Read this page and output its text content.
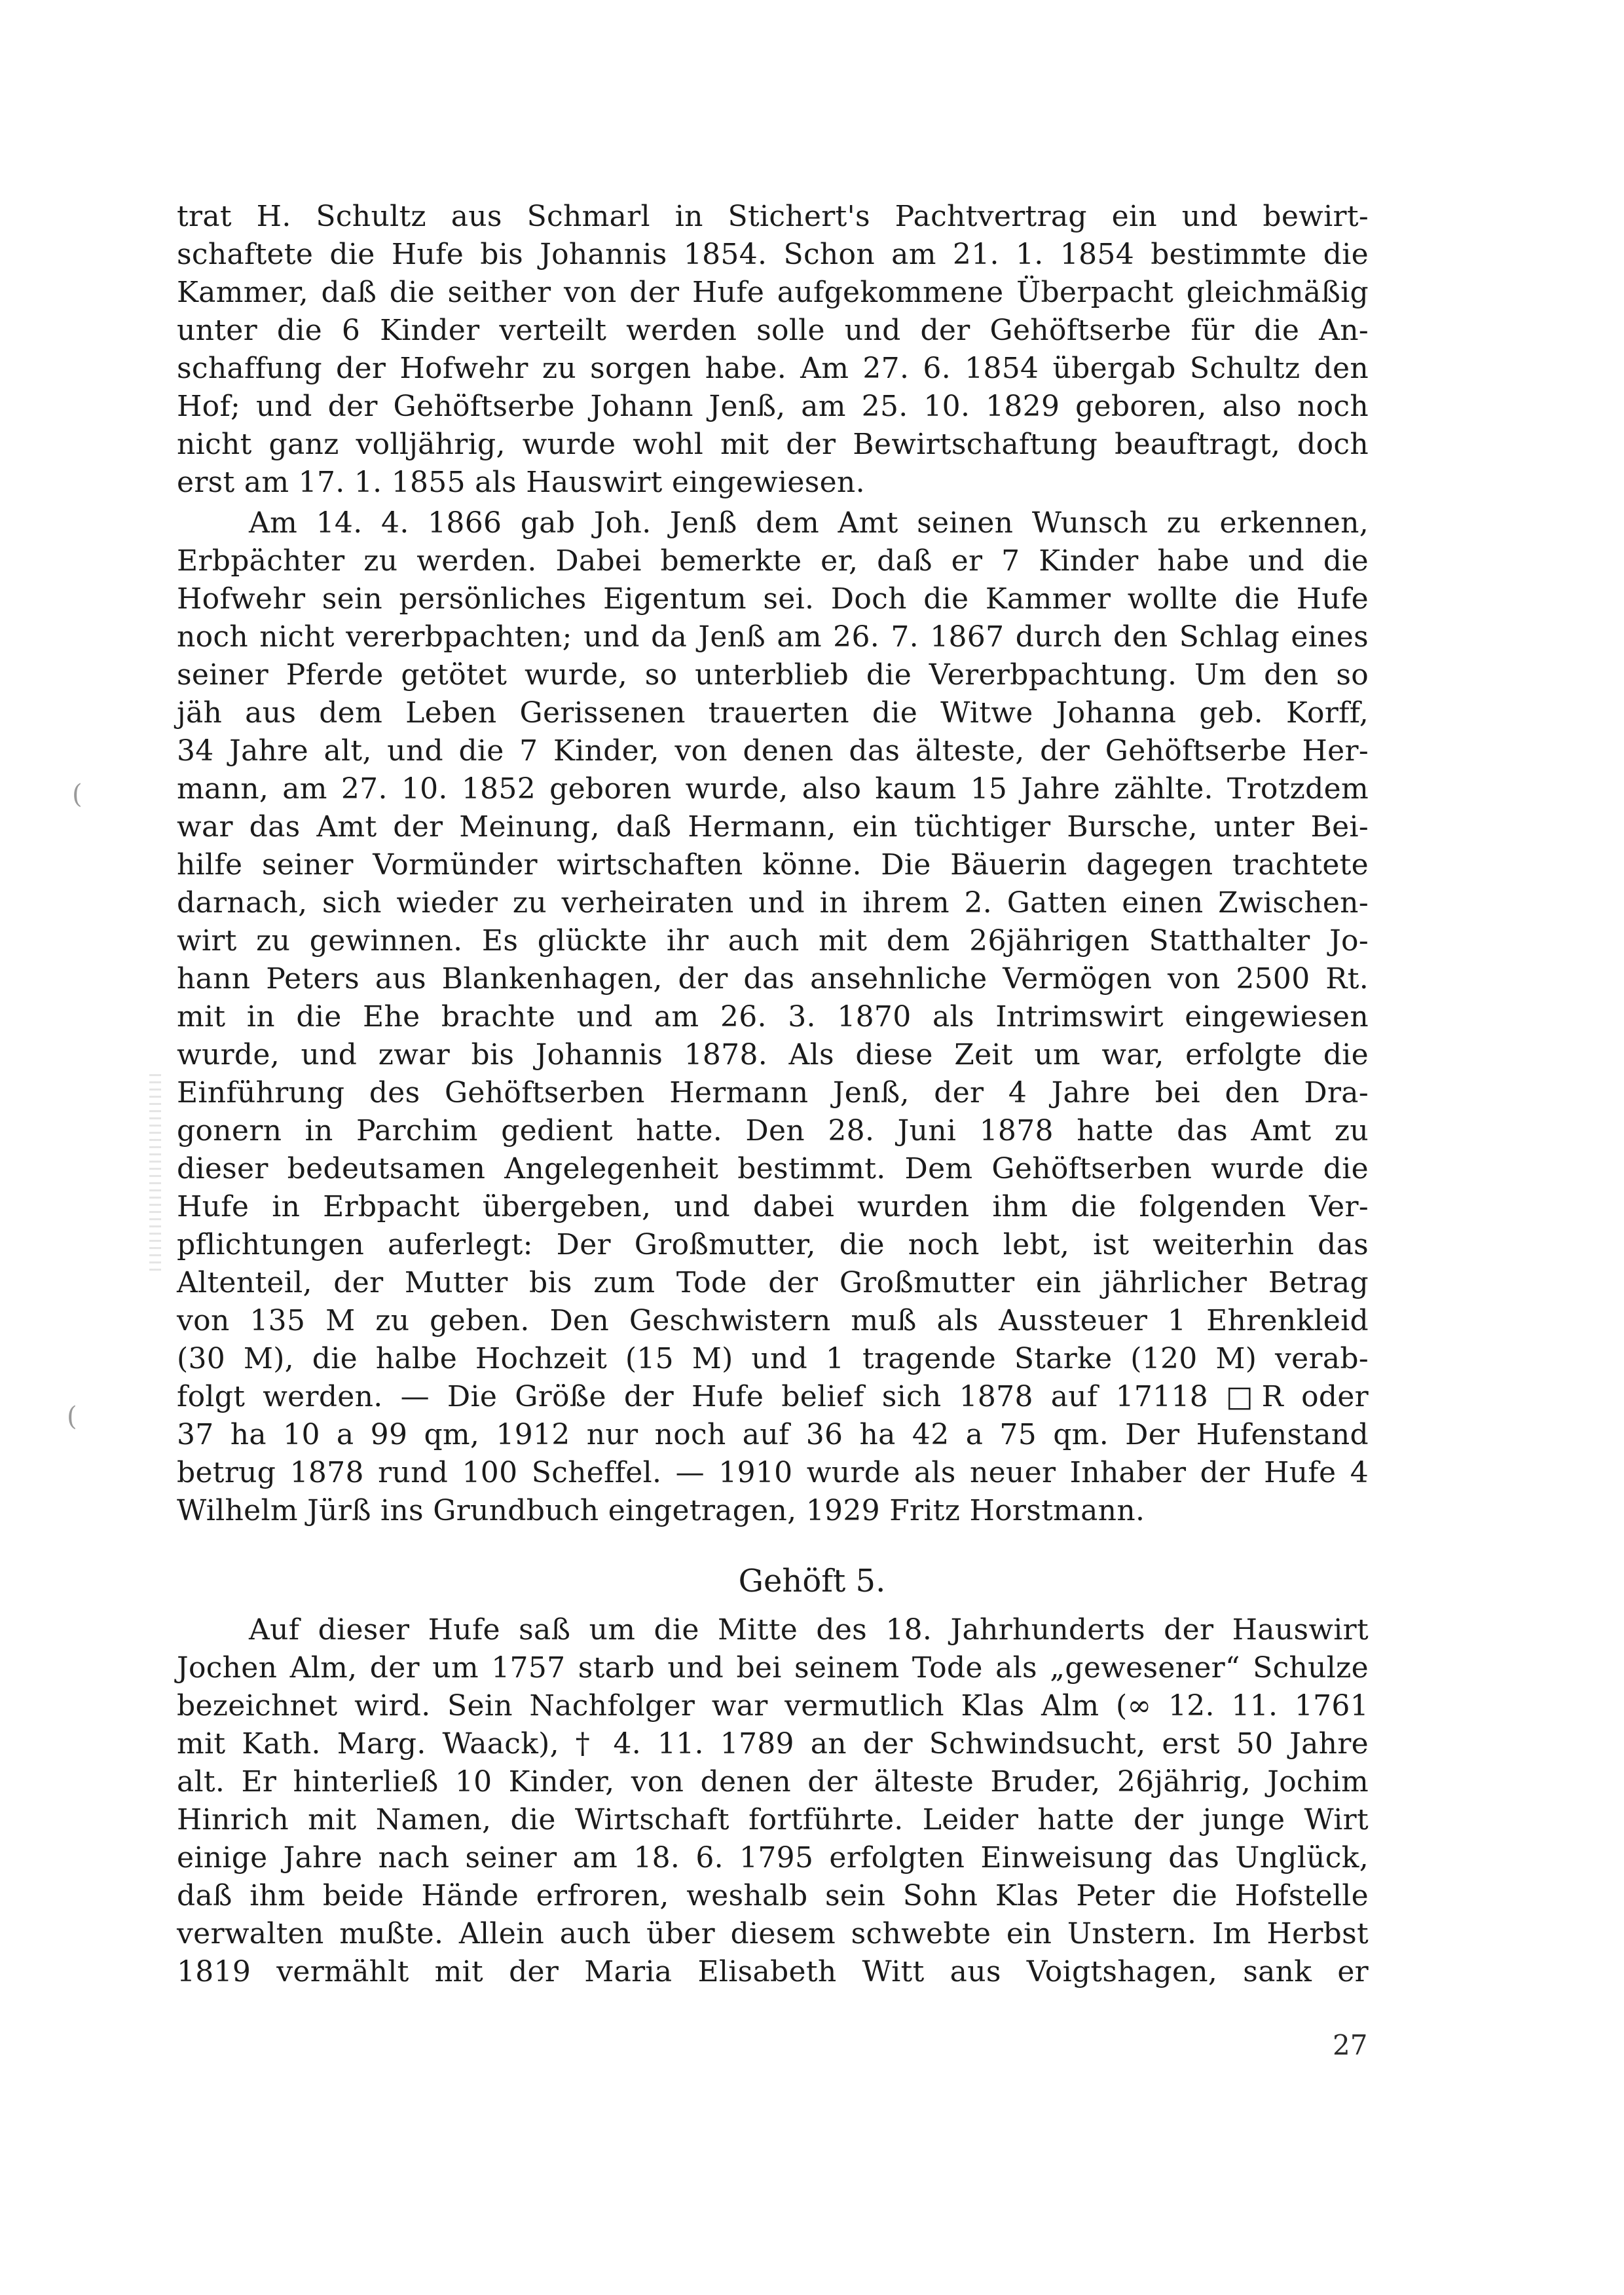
(
(
trat H. Schultz aus Schmarl in Stichert's Pachtvertrag ein und bewirt-
schaftete die Hufe bis Johannis 1854. Schon am 21. 1. 1854 bestimmte die
Kammer, daß die seither von der Hufe aufgekommene Überpacht gleichmäßig
unter die 6 Kinder verteilt werden solle und der Gehöftserbe für die An-
schaffung der Hofwehr zu sorgen habe. Am 27. 6. 1854 übergab Schultz den
Hof; und der Gehöftserbe Johann Jenß, am 25. 10. 1829 geboren, also noch
nicht ganz volljährig, wurde wohl mit der Bewirtschaftung beauftragt, doch
erst am 17. 1. 1855 als Hauswirt eingewiesen.
Am 14. 4. 1866 gab Joh. Jenß dem Amt seinen Wunsch zu erkennen,
Erbpächter zu werden. Dabei bemerkte er, daß er 7 Kinder habe und die
Hofwehr sein persönliches Eigentum sei. Doch die Kammer wollte die Hufe
noch nicht vererbpachten; und da Jenß am 26. 7. 1867 durch den Schlag eines
seiner Pferde getötet wurde, so unterblieb die Vererbpachtung. Um den so
jäh aus dem Leben Gerissenen trauerten die Witwe Johanna geb. Korff,
34 Jahre alt, und die 7 Kinder, von denen das älteste, der Gehöftserbe Her-
mann, am 27. 10. 1852 geboren wurde, also kaum 15 Jahre zählte. Trotzdem
war das Amt der Meinung, daß Hermann, ein tüchtiger Bursche, unter Bei-
hilfe seiner Vormünder wirtschaften könne. Die Bäuerin dagegen trachtete
darnach, sich wieder zu verheiraten und in ihrem 2. Gatten einen Zwischen-
wirt zu gewinnen. Es glückte ihr auch mit dem 26jährigen Statthalter Jo-
hann Peters aus Blankenhagen, der das ansehnliche Vermögen von 2500 Rt.
mit in die Ehe brachte und am 26. 3. 1870 als Intrimswirt eingewiesen
wurde, und zwar bis Johannis 1878. Als diese Zeit um war, erfolgte die
Einführung des Gehöftserben Hermann Jenß, der 4 Jahre bei den Dra-
gonern in Parchim gedient hatte. Den 28. Juni 1878 hatte das Amt zu
dieser bedeutsamen Angelegenheit bestimmt. Dem Gehöftserben wurde die
Hufe in Erbpacht übergeben, und dabei wurden ihm die folgenden Ver-
pflichtungen auferlegt: Der Großmutter, die noch lebt, ist weiterhin das
Altenteil, der Mutter bis zum Tode der Großmutter ein jährlicher Betrag
von 135 M zu geben. Den Geschwistern muß als Aussteuer 1 Ehrenkleid
(30 M), die halbe Hochzeit (15 M) und 1 tragende Starke (120 M) verab-
folgt werden. — Die Größe der Hufe belief sich 1878 auf 17118 □R oder
37 ha 10 a 99 qm, 1912 nur noch auf 36 ha 42 a 75 qm. Der Hufenstand
betrug 1878 rund 100 Scheffel. — 1910 wurde als neuer Inhaber der Hufe 4
Wilhelm Jürß ins Grundbuch eingetragen, 1929 Fritz Horstmann.
Gehöft 5.
Auf dieser Hufe saß um die Mitte des 18. Jahrhunderts der Hauswirt
Jochen Alm, der um 1757 starb und bei seinem Tode als „gewesener“ Schulze
bezeichnet wird. Sein Nachfolger war vermutlich Klas Alm (∞ 12. 11. 1761
mit Kath. Marg. Waack), † 4. 11. 1789 an der Schwindsucht, erst 50 Jahre
alt. Er hinterließ 10 Kinder, von denen der älteste Bruder, 26jährig, Jochim
Hinrich mit Namen, die Wirtschaft fortführte. Leider hatte der junge Wirt
einige Jahre nach seiner am 18. 6. 1795 erfolgten Einweisung das Unglück,
daß ihm beide Hände erfroren, weshalb sein Sohn Klas Peter die Hofstelle
verwalten mußte. Allein auch über diesem schwebte ein Unstern. Im Herbst
1819 vermählt mit der Maria Elisabeth Witt aus Voigtshagen, sank er
27
